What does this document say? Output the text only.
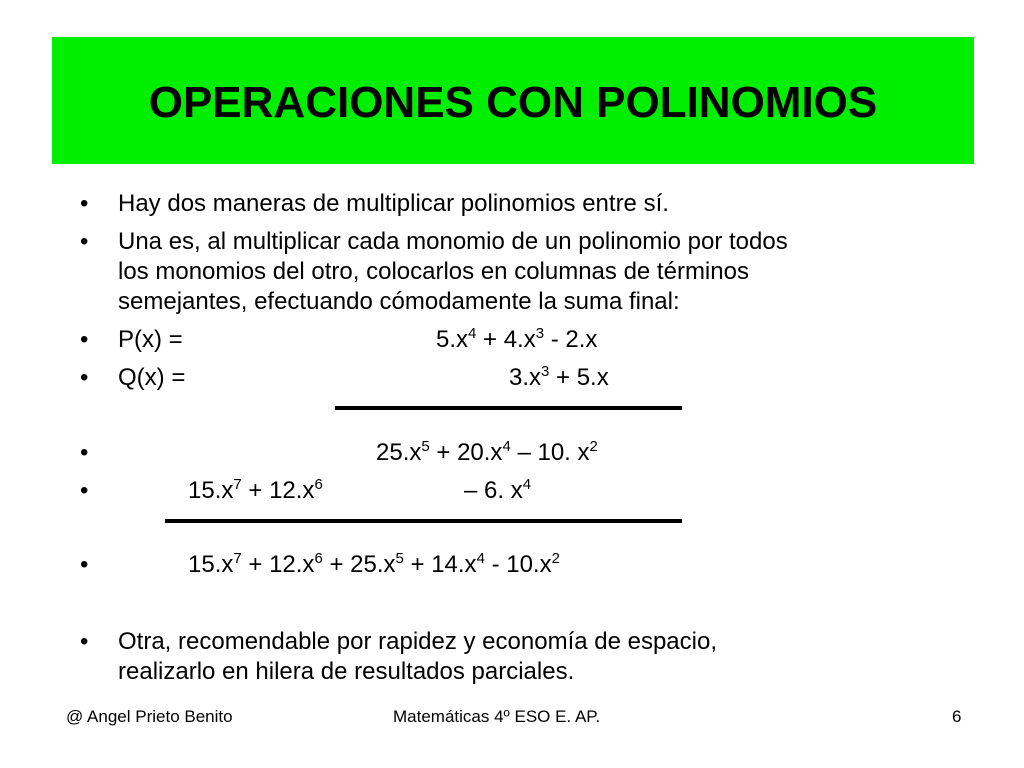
OPERACIONES CON POLINOMIOS
• Hay dos maneras de multiplicar polinomios entre sí.
• Una es, al multiplicar cada monomio de un polinomio por todos
los monomios del otro, colocarlos en columnas de términos
semejantes, efectuando cómodamente la suma final:
• P(x) =	$5.x^4 + 4.x^3 - 2.x$
• Q(x) =	$3.x^3 + 5.x$
•	$25.x^5 + 20.x^4 - 10$. $x^2$
•	$15.x^7 + 12.x^6$	– 6. $x^4$
•	$15.x^7 + 12.x^6 + 25.x^5 + 14.x^4 - 10.x^2$
• Otra, recomendable por rapidez y economía de espacio,
realizarlo en hilera de resultados parciales.
@ Angel Prieto Benito	Matemáticas 4º ESO E. AP.	6
